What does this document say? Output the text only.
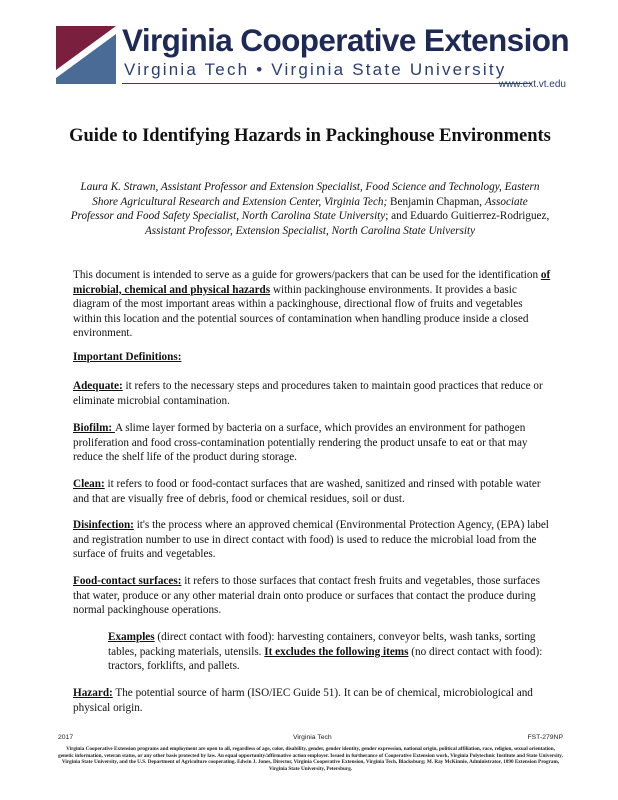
Virginia Cooperative Extension
Virginia Tech • Virginia State University
www.ext.vt.edu
Guide to Identifying Hazards in Packinghouse Environments
Laura K. Strawn, Assistant Professor and Extension Specialist, Food Science and Technology, Eastern Shore Agricultural Research and Extension Center, Virginia Tech; Benjamin Chapman, Associate Professor and Food Safety Specialist, North Carolina State University; and Eduardo Guitierrez-Rodriguez, Assistant Professor, Extension Specialist, North Carolina State University
This document is intended to serve as a guide for growers/packers that can be used for the identification of microbial, chemical and physical hazards within packinghouse environments. It provides a basic diagram of the most important areas within a packinghouse, directional flow of fruits and vegetables within this location and the potential sources of contamination when handling produce inside a closed environment.
Important Definitions:
Adequate: it refers to the necessary steps and procedures taken to maintain good practices that reduce or eliminate microbial contamination.
Biofilm: A slime layer formed by bacteria on a surface, which provides an environment for pathogen proliferation and food cross-contamination potentially rendering the product unsafe to eat or that may reduce the shelf life of the product during storage.
Clean: it refers to food or food-contact surfaces that are washed, sanitized and rinsed with potable water and that are visually free of debris, food or chemical residues, soil or dust.
Disinfection: it's the process where an approved chemical (Environmental Protection Agency, (EPA) label and registration number to use in direct contact with food) is used to reduce the microbial load from the surface of fruits and vegetables.
Food-contact surfaces: it refers to those surfaces that contact fresh fruits and vegetables, those surfaces that water, produce or any other material drain onto produce or surfaces that contact the produce during normal packinghouse operations.
Examples (direct contact with food): harvesting containers, conveyor belts, wash tanks, sorting tables, packing materials, utensils. It excludes the following items (no direct contact with food): tractors, forklifts, and pallets.
Hazard: The potential source of harm (ISO/IEC Guide 51). It can be of chemical, microbiological and physical origin.
2017	Virginia Tech	FST-279NP
Virginia Cooperative Extension programs and employment are open to all, regardless of age, color, disability, gender, gender identity, gender expression, national origin, political affiliation, race, religion, sexual orientation, genetic information, veteran status, or any other basis protected by law. An equal opportunity/affirmative action employer. Issued in furtherance of Cooperative Extension work, Virginia Polytechnic Institute and State University, Virginia State University, and the U.S. Department of Agriculture cooperating. Edwin J. Jones, Director, Virginia Cooperative Extension, Virginia Tech, Blacksburg; M. Ray McKinnie, Administrator, 1890 Extension Program, Virginia State University, Petersburg.
